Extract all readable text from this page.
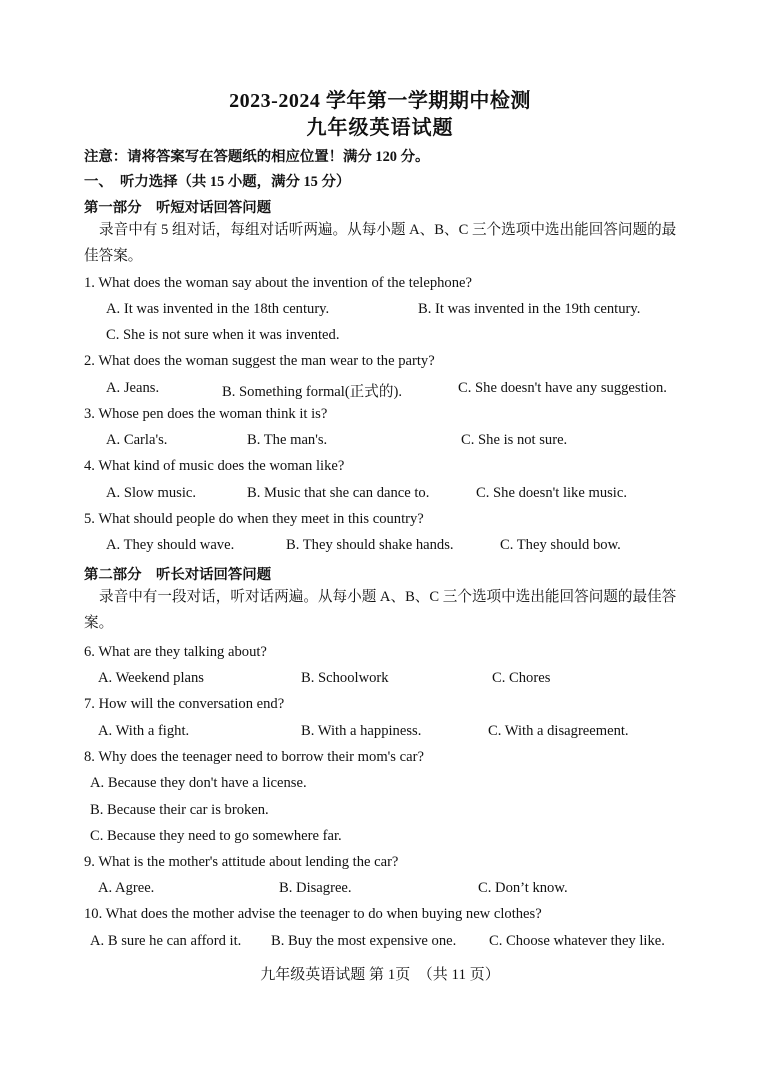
2023-2024 学年第一学期期中检测
九年级英语试题
注意：请将答案写在答题纸的相应位置！满分 120 分。
一、　听力选择（共 15 小题，满分 15 分）
第一部分　听短对话回答问题
录音中有 5 组对话，每组对话听两遍。从每小题 A、B、C 三个选项中选出能回答问题的最佳答案。
1. What does the woman say about the invention of the telephone?
A. It was invented in the 18th century.	B. It was invented in the 19th century.
C. She is not sure when it was invented.
2. What does the woman suggest the man wear to the party?
A. Jeans.	B. Something formal(正式的).	C. She doesn't have any suggestion.
3. Whose pen does the woman think it is?
A. Carla's.	B. The man's.	C. She is not sure.
4. What kind of music does the woman like?
A. Slow music.	B. Music that she can dance to.	C. She doesn't like music.
5. What should people do when they meet in this country?
A. They should wave.	B. They should shake hands.	C. They should bow.
第二部分　听长对话回答问题
录音中有一段对话，听对话两遍。从每小题 A、B、C 三个选项中选出能回答问题的最佳答案。
6. What are they talking about?
A. Weekend plans	B. Schoolwork	C. Chores
7. How will the conversation end?
A. With a fight.	B. With a happiness.	C. With a disagreement.
8. Why does the teenager need to borrow their mom's car?
A. Because they don't have a license.
B. Because their car is broken.
C. Because they need to go somewhere far.
9. What is the mother's attitude about lending the car?
A. Agree.	B. Disagree.	C. Don’t know.
10. What does the mother advise the teenager to do when buying new clothes?
A. B sure he can afford it. B. Buy the most expensive one. C. Choose whatever they like.
九年级英语试题 第 1页　（共 11 页）
